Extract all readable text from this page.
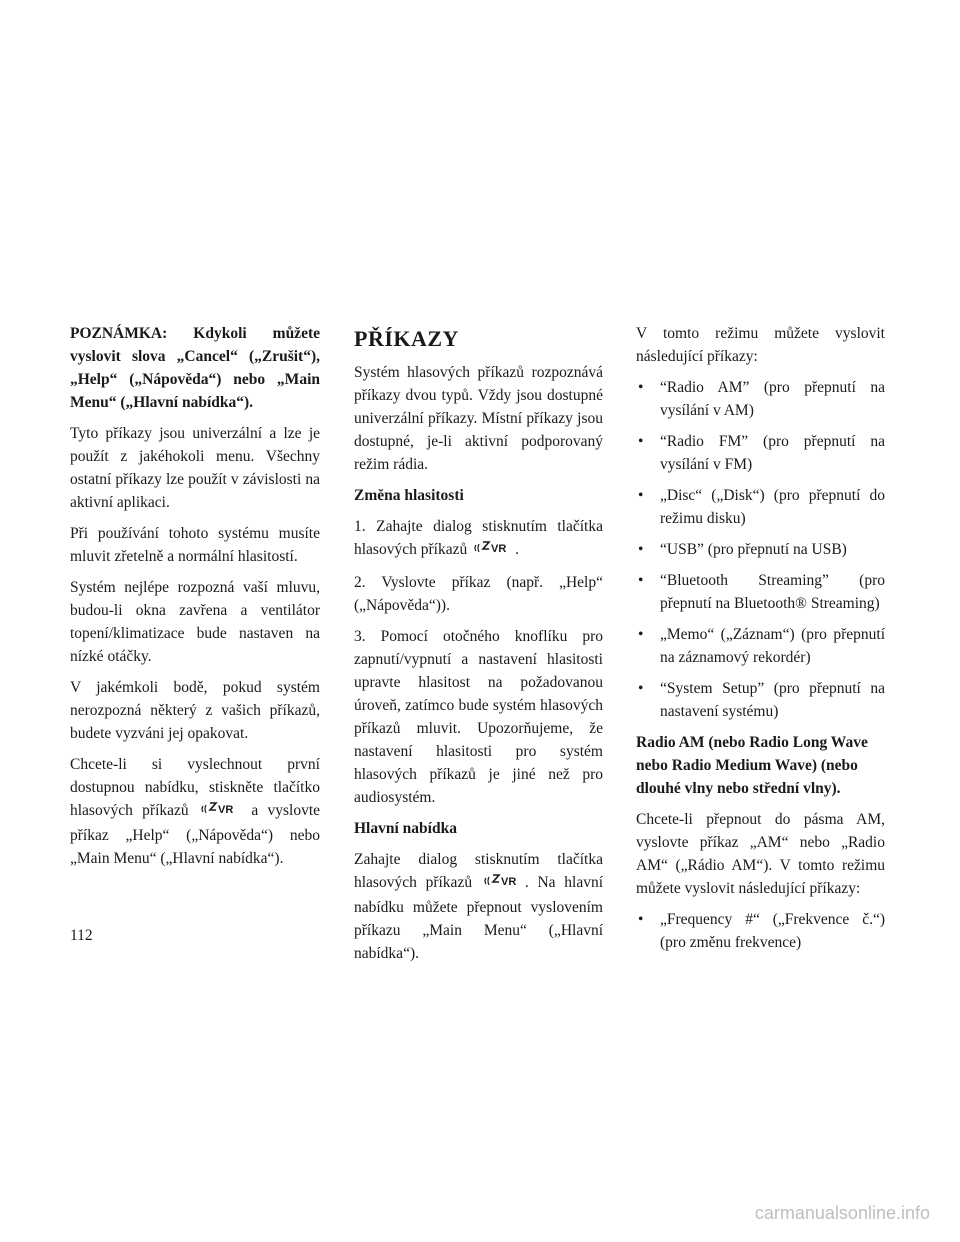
POZNÁMKA: Kdykoli můžete vyslovit slova „Cancel“ („Zrušit“), „Help“ („Nápověda“) nebo „Main Menu“ („Hlavní nabídka“).

Tyto příkazy jsou univerzální a lze je použít z jakéhokoli menu. Všechny ostatní příkazy lze použít v závislosti na aktivní aplikaci.

Při používání tohoto systému musíte mluvit zřetelně a normální hlasitostí.

Systém nejlépe rozpozná vaší mluvu, budou-li okna zavřena a ventilátor topení/klimatizace bude nastaven na nízké otáčky.

V jakémkoli bodě, pokud systém nerozpozná některý z vašich příkazů, budete vyzváni jej opakovat.

Chcete-li si vyslechnout první dostupnou nabídku, stiskněte tlačítko hlasových příkazů	VR a vyslovte příkaz „Help“ („Nápověda“) nebo „Main Menu“ („Hlavní nabídka“).

PŘÍKAZY

Systém hlasových příkazů rozpoznává příkazy dvou typů. Vždy jsou dostupné univerzální příkazy. Místní příkazy jsou dostupné, je-li aktivní podporovaný režim rádia.

Změna hlasitosti

1. Zahajte dialog stisknutím tlačítka hlasových příkazů VR .

2. Vyslovte příkaz (např. „Help“ („Nápověda“)).

3. Pomocí otočného knoflíku pro zapnutí/vypnutí a nastavení hlasitosti upravte hlasitost na požadovanou úroveň, zatímco bude systém hlasových příkazů mluvit. Upozorňujeme, že nastavení hlasitosti pro systém hlasových příkazů je jiné než pro audiosystém.

Hlavní nabídka

Zahajte dialog stisknutím tlačítka hlasových příkazů	VR . Na hlavní nabídku můžete přepnout vyslovením příkazu „Main Menu“ („Hlavní nabídka“).

V tomto režimu můžete vyslovit následující příkazy:

• “Radio AM” (pro přepnutí na vysílání v AM)
• “Radio FM” (pro přepnutí na vysílání v FM)
• „Disc“ („Disk“) (pro přepnutí do režimu disku)
• “USB” (pro přepnutí na USB)
• “Bluetooth Streaming” (pro přepnutí na Bluetooth® Streaming)
• „Memo“ („Záznam“) (pro přepnutí na záznamový rekordér)
• “System Setup” (pro přepnutí na nastavení systému)
Radio AM (nebo Radio Long Wave nebo Radio Medium Wave) (nebo dlouhé vlny nebo střední vlny).

Chcete-li přepnout do pásma AM, vyslovte příkaz „AM“ nebo „Radio AM“ („Rádio AM“). V tomto režimu můžete vyslovit následující příkazy:

• „Frequency #“ („Frekvence č.“) (pro změnu frekvence)
112
carmanualsonline.info
